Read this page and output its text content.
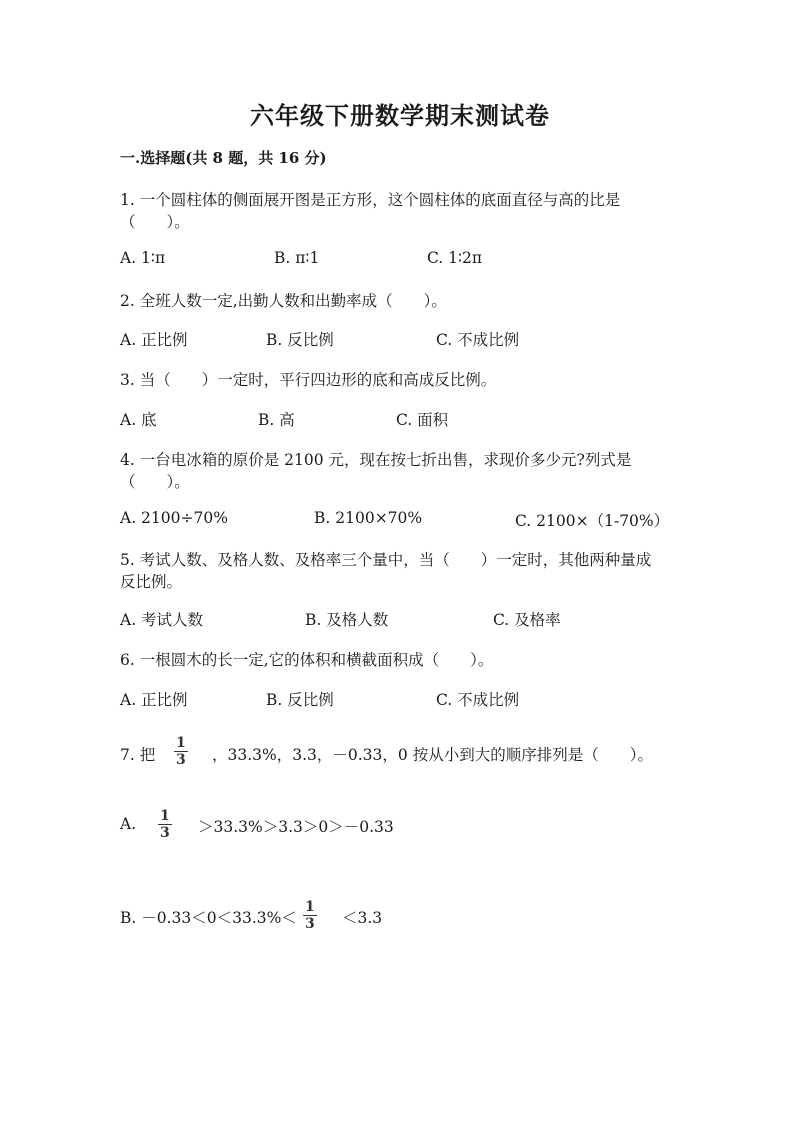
六年级下册数学期末测试卷
一.选择题(共 8 题，共 16 分)
1. 一个圆柱体的侧面展开图是正方形，这个圆柱体的底面直径与高的比是
（　　）。
A. 1∶π	B. π∶1	C. 1∶2π
2. 全班人数一定,出勤人数和出勤率成（　　）。
A. 正比例	B. 反比例	C. 不成比例
3. 当（　　）一定时，平行四边形的底和高成反比例。
A. 底	B. 高	C. 面积
4. 一台电冰箱的原价是 2100 元，现在按七折出售，求现价多少元?列式是
（　　）。
A. 2100÷70%	B. 2100×70%	C. 2100×（1-70%）
5. 考试人数、及格人数、及格率三个量中，当（　　）一定时，其他两种量成
反比例。
A. 考试人数	B. 及格人数	C. 及格率
6. 一根圆木的长一定,它的体积和横截面积成（　　）。
A. 正比例	B. 反比例	C. 不成比例
7. 把 $\frac{1}{3}$ ，33.3%，3.3，－0.33，0 按从小到大的顺序排列是（　　）。
A. $\frac{1}{3} >33.3\%>3.3>0>-0.33$
B. $-0.33<0<33.3\%< \frac{1}{3} <3.3$
